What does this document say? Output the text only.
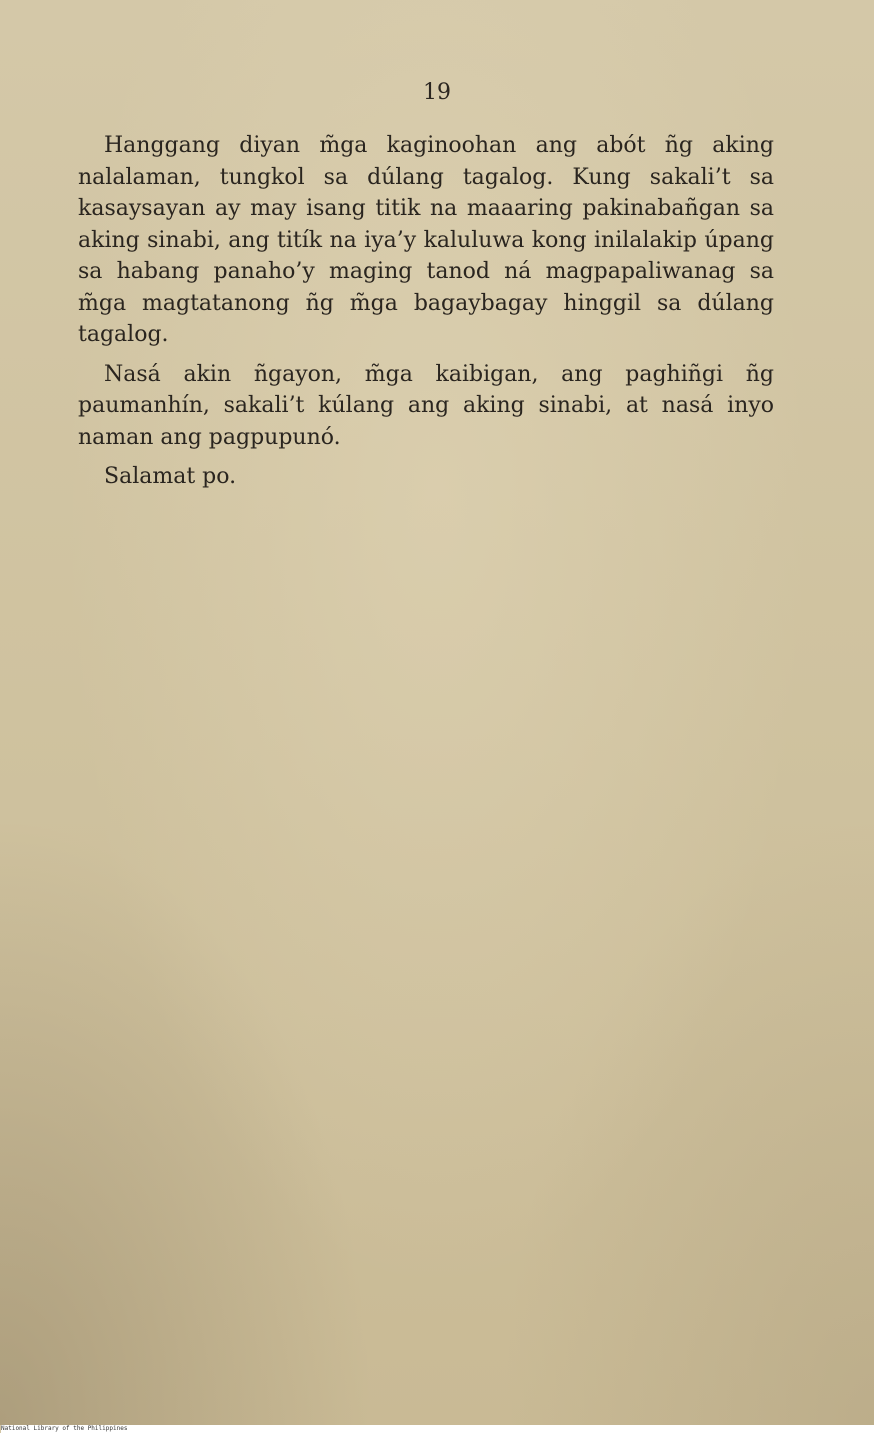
19

Hanggang diyan m̃ga kaginoohan ang abót ñg aking nalalaman, tungkol sa dúlang tagalog. Kung sakali’t sa kasaysayan ay may isang titik na maaaring pakinabañgan sa aking sinabi, ang titík na iya’y kaluluwa kong inilalakip úpang sa habang panaho’y maging tanod ná magpapaliwanag sa m̃ga magtatanong ñg m̃ga bagaybagay hinggil sa dúlang tagalog.

Nasá akin ñgayon, m̃ga kaibigan, ang paghiñgi ñg paumanhín, sakali’t kúlang ang aking sinabi, at nasá inyo naman ang pagpupunó.

Salamat po.

National Library of the Philippines
